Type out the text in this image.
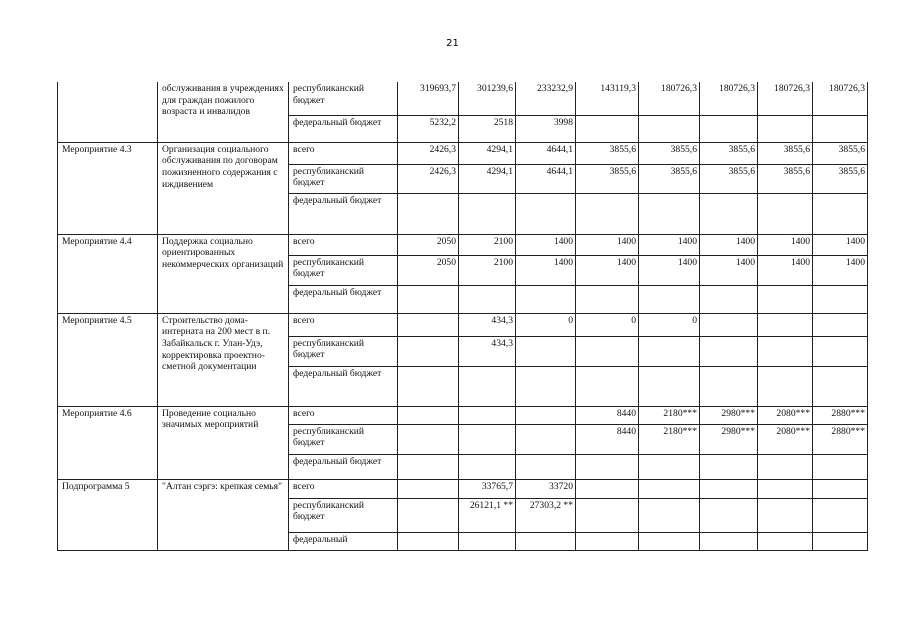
21
	обслуживания в учреждениях для граждан пожилого возраста и инвалидов	республиканский бюджет	319693,7	301239,6	233232,9	143119,3	180726,3	180726,3	180726,3	180726,3
		федеральный бюджет	5232,2	2518	3998					
Мероприятие 4.3	Организация социального обслуживания по договорам пожизненного содержания с иждивением	всего	2426,3	4294,1	4644,1	3855,6	3855,6	3855,6	3855,6	3855,6
		республиканский бюджет	2426,3	4294,1	4644,1	3855,6	3855,6	3855,6	3855,6	3855,6
		федеральный бюджет								
Мероприятие 4.4	Поддержка социально ориентированных некоммерческих организаций	всего	2050	2100	1400	1400	1400	1400	1400	1400
		республиканский бюджет	2050	2100	1400	1400	1400	1400	1400	1400
		федеральный бюджет								
Мероприятие 4.5	Строительство дома-интерната на 200 мест в п. Забайкальск г. Улан-Удэ, корректировка проектно-сметной документации	всего		434,3	0	0	0			
		республиканский бюджет		434,3						
		федеральный бюджет								
Мероприятие 4.6	Проведение социально значимых мероприятий	всего				8440	2180***	2980***	2080***	2880***
		республиканский бюджет				8440	2180***	2980***	2080***	2880***
		федеральный бюджет								
Подпрограмма 5	"Алтан сэргэ: крепкая семья"	всего		33765,7	33720					
		республиканский бюджет		26121,1 **	27303,2 **					
		федеральный								
